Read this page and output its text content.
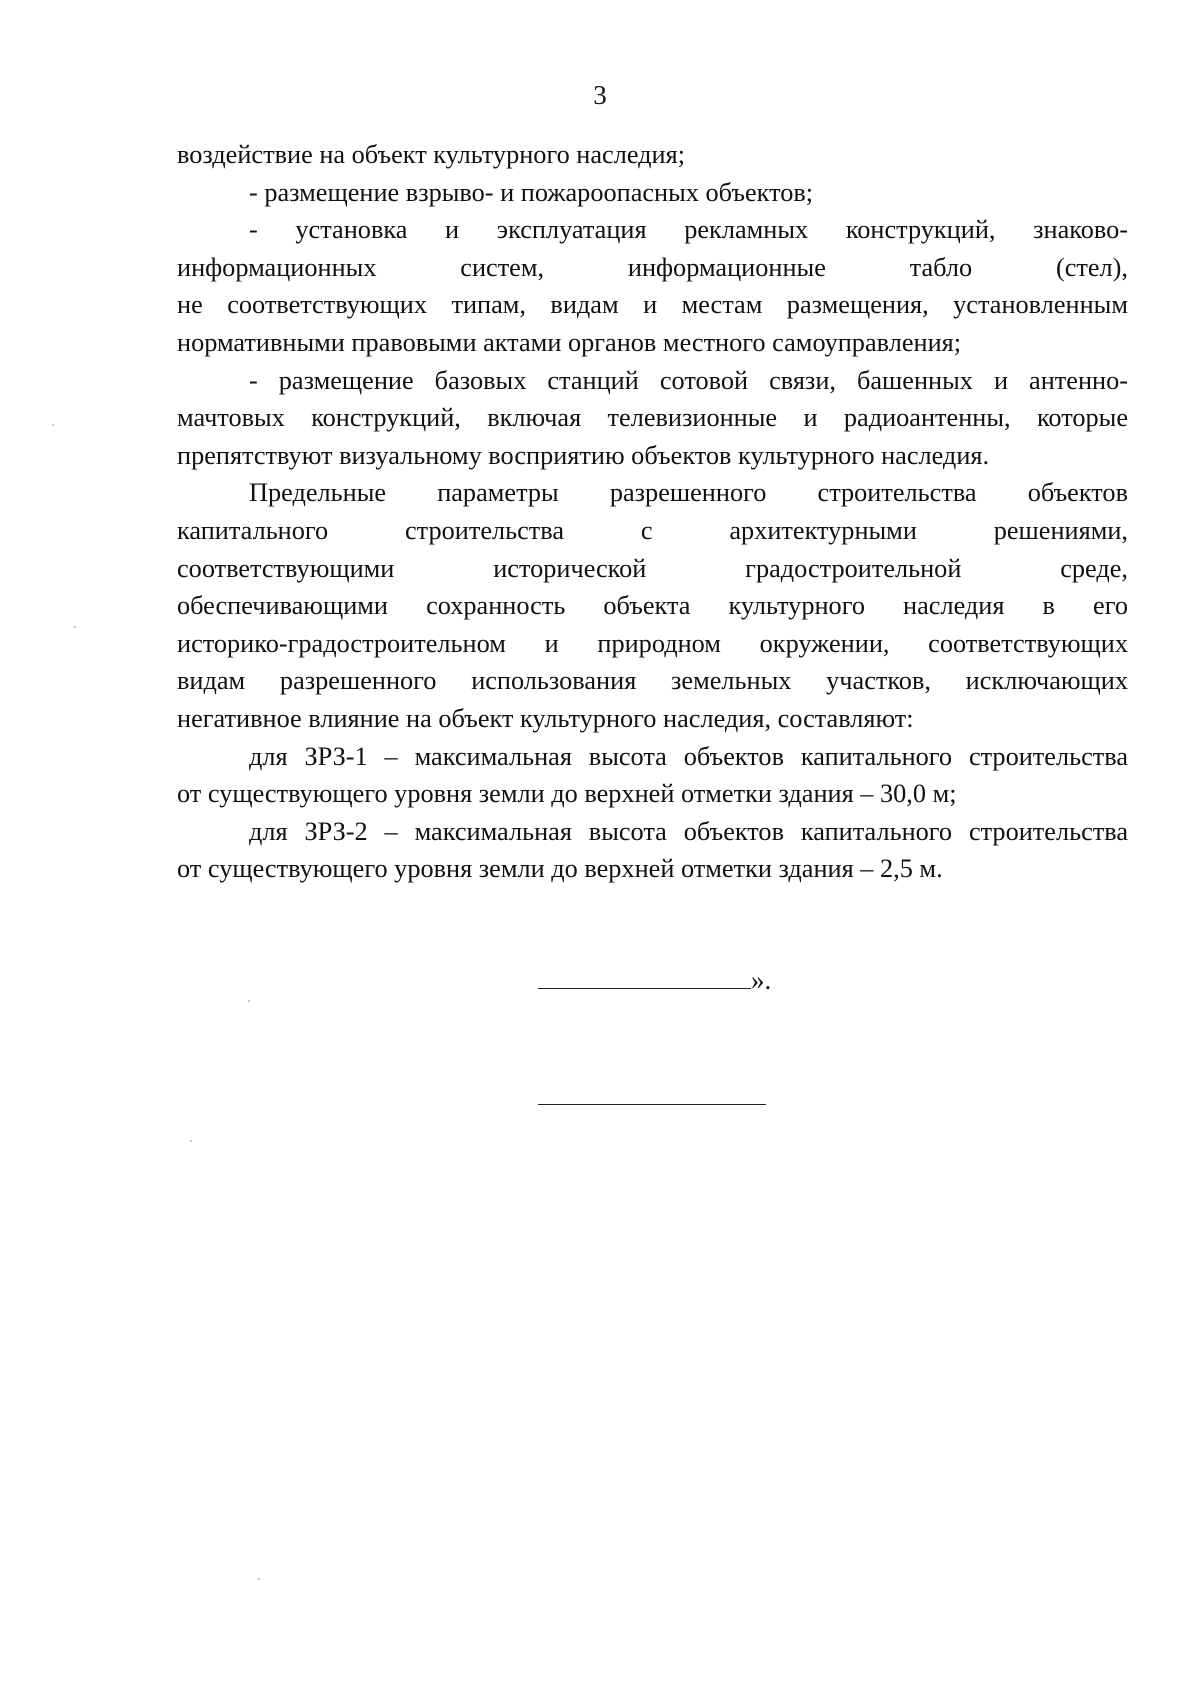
3
воздействие на объект культурного наследия;
- размещение взрыво- и пожароопасных объектов;
- установка и эксплуатация рекламных конструкций, знаково-
информационных систем, информационные табло (стел),
не соответствующих типам, видам и местам размещения, установленным
нормативными правовыми актами органов местного самоуправления;
- размещение базовых станций сотовой связи, башенных и антенно-
мачтовых конструкций, включая телевизионные и радиоантенны, которые
препятствуют визуальному восприятию объектов культурного наследия.
Предельные параметры разрешенного строительства объектов
капитального строительства с архитектурными решениями,
соответствующими исторической градостроительной среде,
обеспечивающими сохранность объекта культурного наследия в его
историко-градостроительном и природном окружении, соответствующих
видам разрешенного использования земельных участков, исключающих
негативное влияние на объект культурного наследия, составляют:
для ЗРЗ-1 – максимальная высота объектов капитального строительства
от существующего уровня земли до верхней отметки здания – 30,0 м;
для ЗРЗ-2 – максимальная высота объектов капитального строительства
от существующего уровня земли до верхней отметки здания – 2,5 м.
».
